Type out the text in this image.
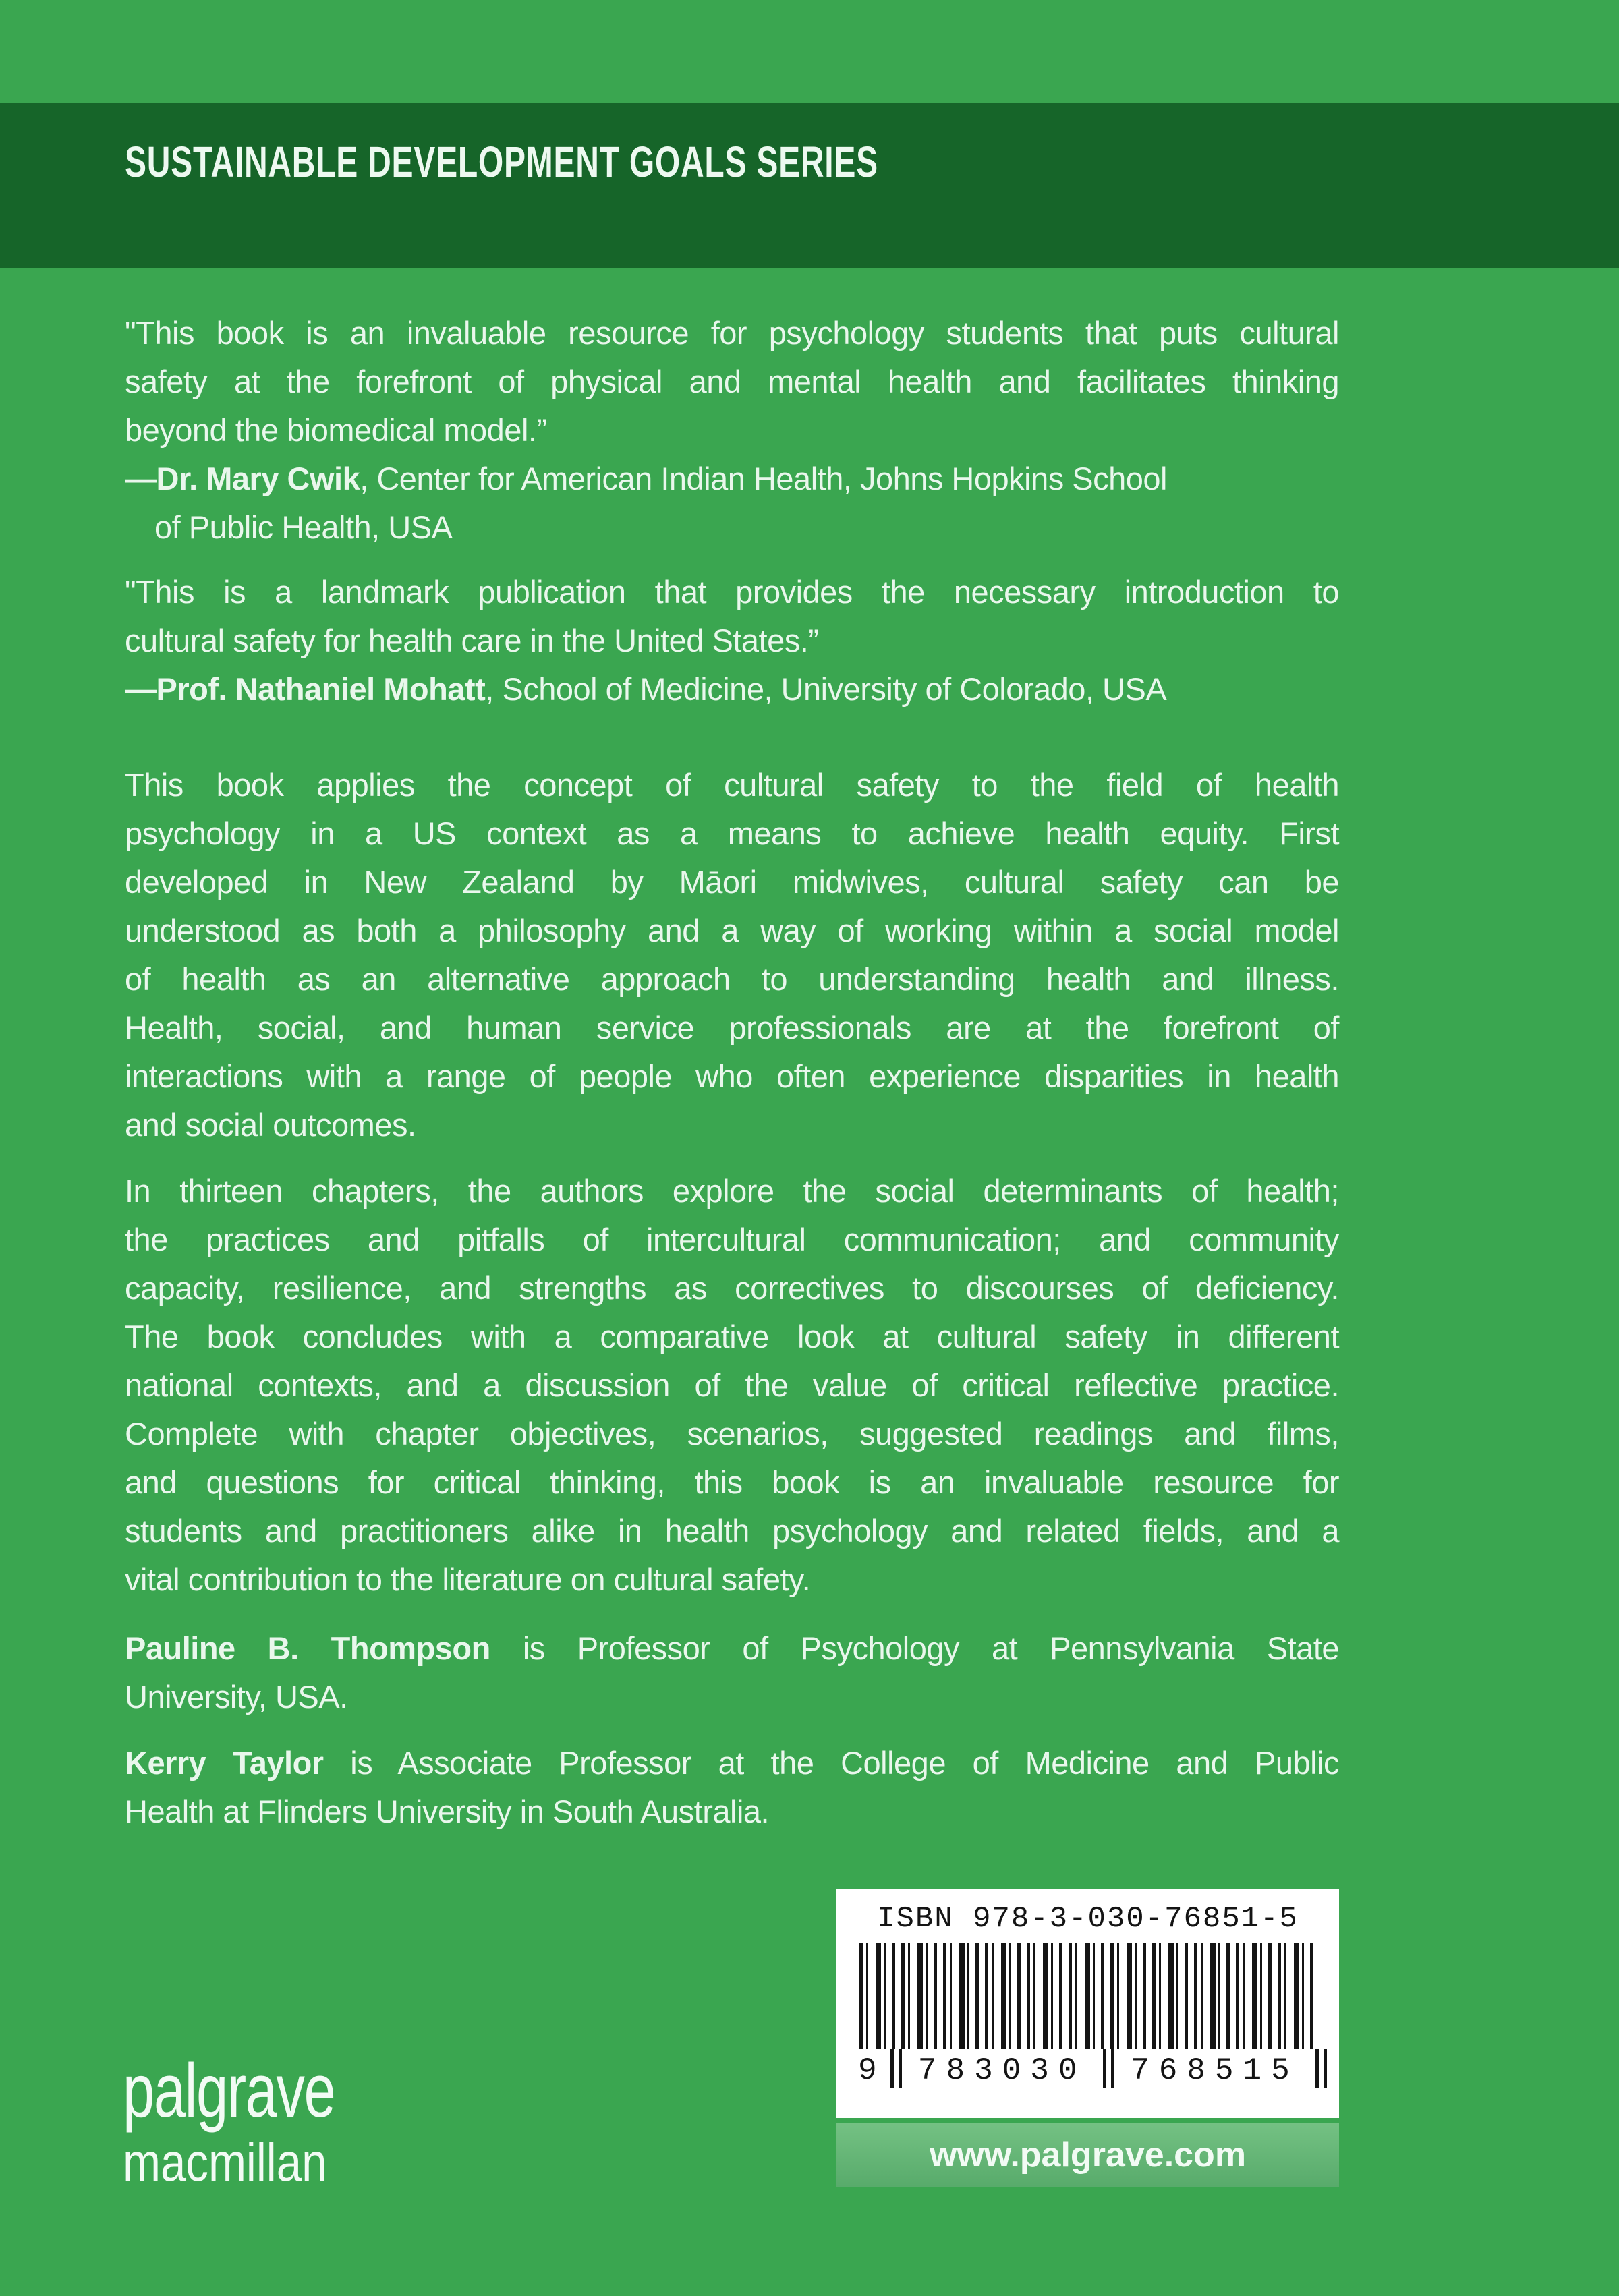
SUSTAINABLE DEVELOPMENT GOALS SERIES
"This book is an invaluable resource for psychology students that puts cultural
safety at the forefront of physical and mental health and facilitates thinking
beyond the biomedical model.”
—Dr. Mary Cwik, Center for American Indian Health, Johns Hopkins School
of Public Health, USA
"This is a landmark publication that provides the necessary introduction to
cultural safety for health care in the United States.”
—Prof. Nathaniel Mohatt, School of Medicine, University of Colorado, USA
This book applies the concept of cultural safety to the field of health
psychology in a US context as a means to achieve health equity. First
developed in New Zealand by Māori midwives, cultural safety can be
understood as both a philosophy and a way of working within a social model
of health as an alternative approach to understanding health and illness.
Health, social, and human service professionals are at the forefront of
interactions with a range of people who often experience disparities in health
and social outcomes.
In thirteen chapters, the authors explore the social determinants of health;
the practices and pitfalls of intercultural communication; and community
capacity, resilience, and strengths as correctives to discourses of deficiency.
The book concludes with a comparative look at cultural safety in different
national contexts, and a discussion of the value of critical reflective practice.
Complete with chapter objectives, scenarios, suggested readings and films,
and questions for critical thinking, this book is an invaluable resource for
students and practitioners alike in health psychology and related fields, and a
vital contribution to the literature on cultural safety.
Pauline B. Thompson is Professor of Psychology at Pennsylvania State
University, USA.
Kerry Taylor is Associate Professor at the College of Medicine and Public
Health at Flinders University in South Australia.
palgrave
macmillan
ISBN 978-3-030-76851-5
9	783030	768515
www.palgrave.com
